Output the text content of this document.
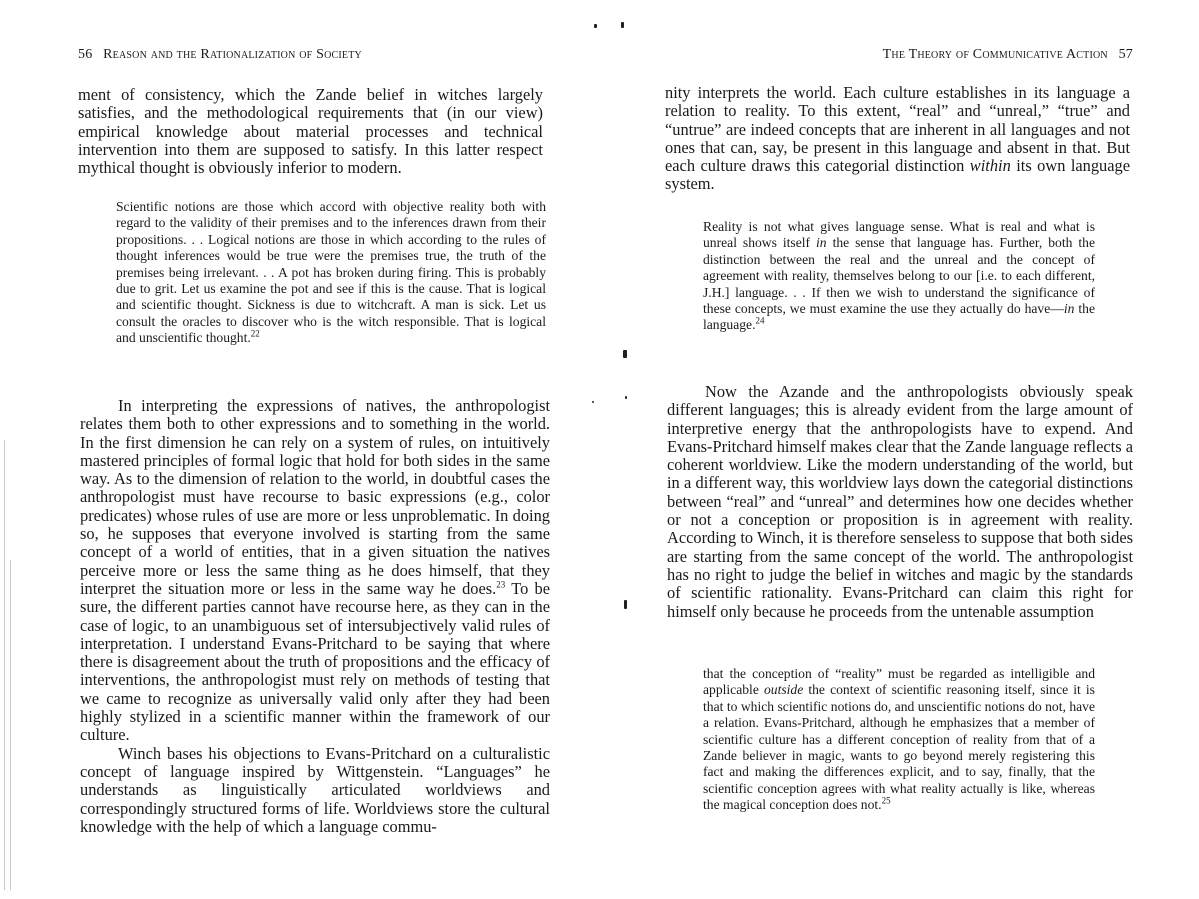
56 Reason and the Rationalization of Society

ment of consistency, which the Zande belief in witches largely satisfies, and the methodological requirements that (in our view) empirical knowledge about material processes and technical intervention into them are supposed to satisfy. In this latter respect mythical thought is obviously inferior to modern.

Scientific notions are those which accord with objective reality both with regard to the validity of their premises and to the inferences drawn from their propositions. . . Logical notions are those in which according to the rules of thought inferences would be true were the premises true, the truth of the premises being irrelevant. . . A pot has broken during firing. This is probably due to grit. Let us examine the pot and see if this is the cause. That is logical and scientific thought. Sickness is due to witchcraft. A man is sick. Let us consult the oracles to discover who is the witch responsible. That is logical and unscientific thought.$^{22}$

In interpreting the expressions of natives, the anthropologist relates them both to other expressions and to something in the world. In the first dimension he can rely on a system of rules, on intuitively mastered principles of formal logic that hold for both sides in the same way. As to the dimension of relation to the world, in doubtful cases the anthropologist must have recourse to basic expressions (e.g., color predicates) whose rules of use are more or less unproblematic. In doing so, he supposes that everyone involved is starting from the same concept of a world of entities, that in a given situation the natives perceive more or less the same thing as he does himself, that they interpret the situation more or less in the same way he does.$^{23}$ To be sure, the different parties cannot have recourse here, as they can in the case of logic, to an unambiguous set of intersubjectively valid rules of interpretation. I understand Evans-Pritchard to be saying that where there is disagreement about the truth of propositions and the efficacy of interventions, the anthropologist must rely on methods of testing that we came to recognize as universally valid only after they had been highly stylized in a scientific manner within the framework of our culture.

Winch bases his objections to Evans-Pritchard on a culturalistic concept of language inspired by Wittgenstein. “Languages” he understands as linguistically articulated worldviews and correspondingly structured forms of life. Worldviews store the cultural knowledge with the help of which a language commu-

The Theory of Communicative Action 57

nity interprets the world. Each culture establishes in its language a relation to reality. To this extent, “real” and “unreal,” “true” and “untrue” are indeed concepts that are inherent in all languages and not ones that can, say, be present in this language and absent in that. But each culture draws this categorial distinction within its own language system.

Reality is not what gives language sense. What is real and what is unreal shows itself in the sense that language has. Further, both the distinction between the real and the unreal and the concept of agreement with reality, themselves belong to our [i.e. to each different, J.H.] language. . . If then we wish to understand the significance of these concepts, we must examine the use they actually do have—in the language.$^{24}$

Now the Azande and the anthropologists obviously speak different languages; this is already evident from the large amount of interpretive energy that the anthropologists have to expend. And Evans-Pritchard himself makes clear that the Zande language reflects a coherent worldview. Like the modern understanding of the world, but in a different way, this worldview lays down the categorial distinctions between “real” and “unreal” and determines how one decides whether or not a conception or proposition is in agreement with reality. According to Winch, it is therefore senseless to suppose that both sides are starting from the same concept of the world. The anthropologist has no right to judge the belief in witches and magic by the standards of scientific rationality. Evans-Pritchard can claim this right for himself only because he proceeds from the untenable assumption

that the conception of “reality” must be regarded as intelligible and applicable outside the context of scientific reasoning itself, since it is that to which scientific notions do, and unscientific notions do not, have a relation. Evans-Pritchard, although he emphasizes that a member of scientific culture has a different conception of reality from that of a Zande believer in magic, wants to go beyond merely registering this fact and making the differences explicit, and to say, finally, that the scientific conception agrees with what reality actually is like, whereas the magical conception does not.$^{25}$
